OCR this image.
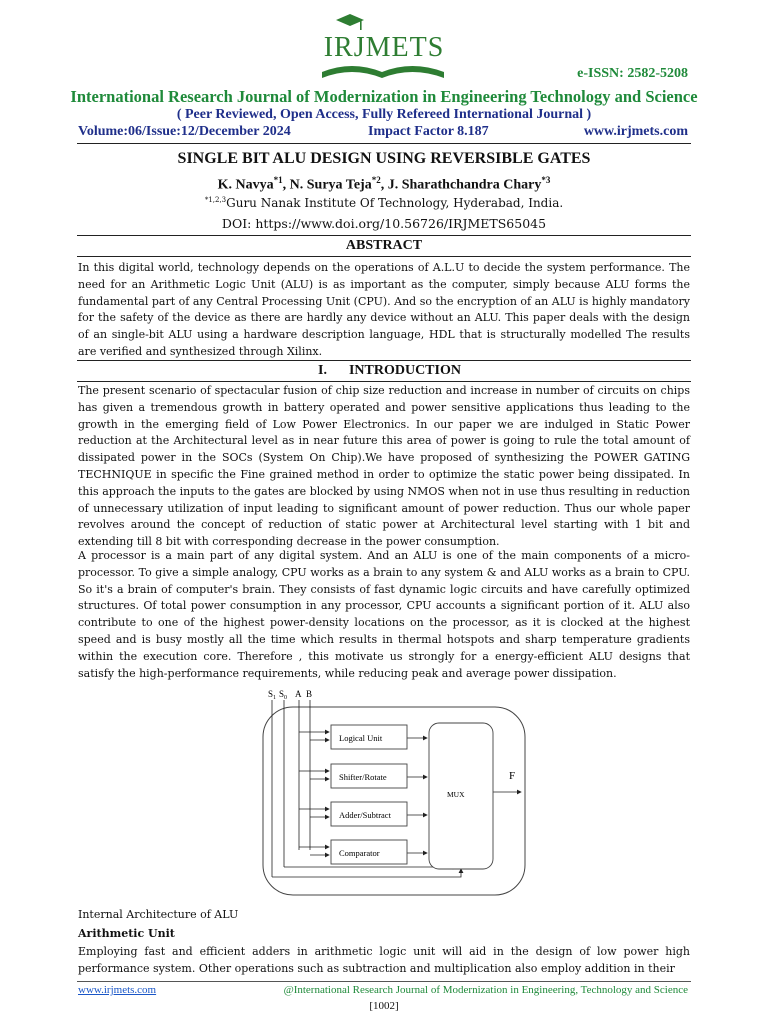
IRJMETS
e-ISSN: 2582-5208
International Research Journal of Modernization in Engineering Technology and Science
( Peer Reviewed, Open Access, Fully Refereed International Journal )
Volume:06/Issue:12/December 2024	Impact Factor 8.187	www.irjmets.com
SINGLE BIT ALU DESIGN USING REVERSIBLE GATES
K. Navya$^{*1}$, N. Surya Teja$^{*2}$, J. Sharathchandra Chary$^{*3}$
$^{*1,2,3}$Guru Nanak Institute Of Technology, Hyderabad, India.
DOI: https://www.doi.org/10.56726/IRJMETS65045
ABSTRACT
In this digital world, technology depends on the operations of A.L.U to decide the system performance. The need for an Arithmetic Logic Unit (ALU) is as important as the computer, simply because ALU forms the fundamental part of any Central Processing Unit (CPU). And so the encryption of an ALU is highly mandatory for the safety of the device as there are hardly any device without an ALU. This paper deals with the design of an single-bit ALU using a hardware description language, HDL that is structurally modelled The results are verified and synthesized through Xilinx.
I. INTRODUCTION
The present scenario of spectacular fusion of chip size reduction and increase in number of circuits on chips has given a tremendous growth in battery operated and power sensitive applications thus leading to the growth in the emerging field of Low Power Electronics. In our paper we are indulged in Static Power reduction at the Architectural level as in near future this area of power is going to rule the total amount of dissipated power in the SOCs (System On Chip).We have proposed of synthesizing the POWER GATING TECHNIQUE in specific the Fine grained method in order to optimize the static power being dissipated. In this approach the inputs to the gates are blocked by using NMOS when not in use thus resulting in reduction of unnecessary utilization of input leading to significant amount of power reduction. Thus our whole paper revolves around the concept of reduction of static power at Architectural level starting with 1 bit and extending till 8 bit with corresponding decrease in the power consumption.
A processor is a main part of any digital system. And an ALU is one of the main components of a micro-processor. To give a simple analogy, CPU works as a brain to any system & and ALU works as a brain to CPU. So it's a brain of computer's brain. They consists of fast dynamic logic circuits and have carefully optimized structures. Of total power consumption in any processor, CPU accounts a significant portion of it. ALU also contribute to one of the highest power-density locations on the processor, as it is clocked at the highest speed and is busy mostly all the time which results in thermal hotspots and sharp temperature gradients within the execution core. Therefore , this motivate us strongly for a energy-efficient ALU designs that satisfy the high-performance requirements, while reducing peak and average power dissipation.
$S_1$ $S_0$ A B
Logical Unit
Shifter/Rotate
Adder/Subtract
Comparator
MUX
F
Internal Architecture of ALU
Arithmetic Unit
Employing fast and efficient adders in arithmetic logic unit will aid in the design of low power high performance system. Other operations such as subtraction and multiplication also employ addition in their
www.irjmets.com	@International Research Journal of Modernization in Engineering, Technology and Science
[1002]
